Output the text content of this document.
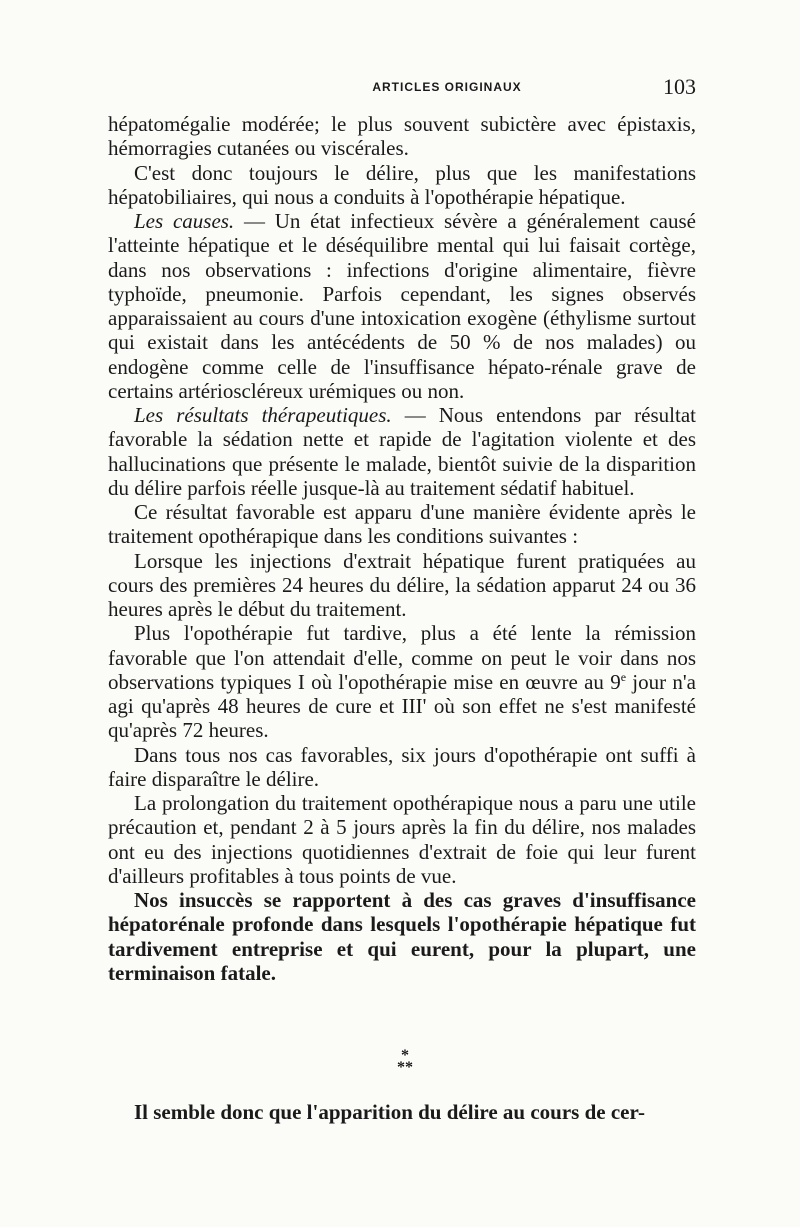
ARTICLES ORIGINAUX	103

hépatomégalie modérée; le plus souvent subictère avec épistaxis, hémorragies cutanées ou viscérales.

C'est donc toujours le délire, plus que les manifestations hépatobiliaires, qui nous a conduits à l'opothérapie hépatique.

Les causes. — Un état infectieux sévère a généralement causé l'atteinte hépatique et le déséquilibre mental qui lui faisait cortège, dans nos observations : infections d'origine alimentaire, fièvre typhoïde, pneumonie. Parfois cependant, les signes observés apparaissaient au cours d'une intoxication exogène (éthylisme surtout qui existait dans les antécédents de 50 % de nos malades) ou endogène comme celle de l'insuffisance hépato-rénale grave de certains artérioscléreux urémiques ou non.

Les résultats thérapeutiques. — Nous entendons par résultat favorable la sédation nette et rapide de l'agitation violente et des hallucinations que présente le malade, bientôt suivie de la disparition du délire parfois réelle jusque-là au traitement sédatif habituel.

Ce résultat favorable est apparu d'une manière évidente après le traitement opothérapique dans les conditions suivantes :

Lorsque les injections d'extrait hépatique furent pratiquées au cours des premières 24 heures du délire, la sédation apparut 24 ou 36 heures après le début du traitement.

Plus l'opothérapie fut tardive, plus a été lente la rémission favorable que l'on attendait d'elle, comme on peut le voir dans nos observations typiques I où l'opothérapie mise en œuvre au 9e jour n'a agi qu'après 48 heures de cure et III' où son effet ne s'est manifesté qu'après 72 heures.

Dans tous nos cas favorables, six jours d'opothérapie ont suffi à faire disparaître le délire.

La prolongation du traitement opothérapique nous a paru une utile précaution et, pendant 2 à 5 jours après la fin du délire, nos malades ont eu des injections quotidiennes d'extrait de foie qui leur furent d'ailleurs profitables à tous points de vue.

Nos insuccès se rapportent à des cas graves d'insuffisance hépatorénale profonde dans lesquels l'opothérapie hépatique fut tardivement entreprise et qui eurent, pour la plupart, une terminaison fatale.

*
**
Il semble donc que l'apparition du délire au cours de cer-
